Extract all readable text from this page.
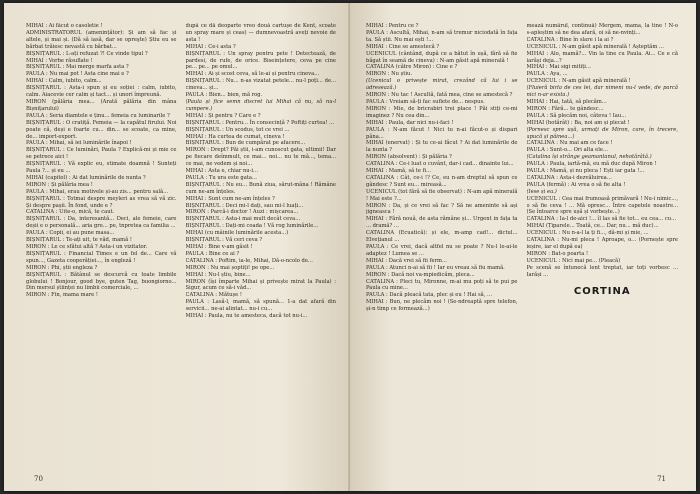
MIHAI : Ai făcut o casoletie !

ADMINISTRATORUL (amenințător): Și am să fac și altele, și mai și. (Dă să iasă, dar se opreşte) Știu eu se bărbat trăiesc nevastă cu bărbat...

BIȘNIȚARUL : L-ați refuzat ?! Ce vinde tipul ?

MIHAI : Vorbe răsuflate !

BIȘNIȚARUL : Mai merge marfa asta ?

PAULA : Nu mai pot ! Asta cine mai e ?

MIHAI : Calm, iubito, calm...

BIȘNIȚARUL : Asta-i spun și eu soției : calm, iubito, calm. Aiacevie cer calm și tact... și unori împreună.

MIRON (pălăria mea... (Arată pălăria din mâna Bișnițarului)

PAULA : Seria diamtele e ținu... femeia cu luminarile ?

BIȘNIȚARUL : O cratiță. Femeia — la capătul firului. Noi poate că, deși e foarte cu... din... se scoate, ca mine, de... import-export.

PAULA : Mihai, să iei luminările înapoi !

BIȘNIȚARUL : Ce luminări, Paula ? Explică-mi și mie ce se petrece aici !

BIȘNIȚARUL : Vă explic eu, stimate doamnă ! Sunteți Paula ?... și eu ...

MIHAI (capitol) : Ai dat luminările de nunta ?

MIRON : Și pălăria mea !

PAULA : Mihai, erau motivele și-au zis... pentru sală...

BIȘNIȚARUL : Totmai despre meyleri as vrea să vă zic. Și despre pașii. În fond, unde e ?

CATALINA : Uite-o, mică, te caut.

BIȘNIȚARUL : Da, interesantă... Deci, ale femeie, care deșii e o personală... aria gre... pe, tnpretea ca familia ...

PAULA : Copii, ei au pune masa...

BIȘNIȚARUL : Te-ați uit, te văd, mamă !

MIRON : Le ce sfătui altă ? Asta-i un vizitator.

BIȘNIȚARUL : Financial Times e un fel de... Care vă spun..., Gazeta cooperăției..., în engleză !

MIRON : Phi, știi engleza ?

BIȘNIȚARUL : Bătânul se descurcă cu toate limbile globului ! Bonjour, good bye, guten Tag, buongiorno... Din mersul științei nu limbii comerciale, ...

MIRON : Fin, mama mare !

după ce dă deoparte vreo două cartușe de Kent, scoate un spray mare și ceas) — dumnevoastră aveți nevoie de asta !

MIHAI : Ce-i asta ?

BIȘNIȚARUL : Un spray pentru pete ! Detectează, de pardesi, de rufe, de orice. Biseințetere, ceva pe cine pe... pe... pe omul...

MIHAI : Ai și scost ceva, să le-ai și pentru cineva...

BIȘNIȚARUL : Nu... n-as vizatat petele... nu-l poți... de... cineva... și...

PAULA : Bien... bien, mă rog.

(Paula și fice semn discret lui Mihai că nu, să nu-l cumpere.)

MIHAI : Și pentru ? Care e ?

BIȘNIȚARUL : Pentru... În consecință ? Poftiți curtea! ...

BIȘNIȚARUL : Un scodus, tot ce vrei ...

MIHAI : Ha curtea de cumat, cineva !

BIȘNIȚARUL : Bun de cumpărat pe afacere...

MIRON : Drept? Păi știi, i-am cunoscut gata, ultimii! Dar pe fiecare deîmmult, ce mai... noi... nu te mă..., tema... ce mai, ne vedem și noi...

MIHAI : Asta e, chiar nu-i...

PAULA : Tu ura este gata...

BIȘNIȚARUL : Nu eu... Bună ziua, sărut-mâna ! Rămâne cum ne-am înțeles.

MIHAI : Sunt cum ne-am înțeles ?

BIȘNIȚARUL : Deci mi-l dați, sau mi-l luați...

MIRON : Parcă-i doctor ! Auzi : mișcarea...

BIȘNIȚARUL : Asta-i mai mult decât ceva...

BIȘNIȚARUL : Dați-mi coada ! Vă rog luminările...

MIHAI (cu mâinile luminările acesta...)

BIȘNIȚARUL : Vă ceri ceva ?

MIHAI : Bine v-am găsit !

PAULA : Bine ce ai ?

CATALINA : Poftim, ia-le, Mihai, Dă-o-ncolo de...

MIRON : Nu mai șoptiți! pe ope...

MIHAI : Nu-l știu, bine...

MIRON (își împarte Mihai și privește mirat la Paula) : Sigur, acum ce să-i văd...

CATALINA : Mătușe !

PAULA : Lasă-l, mamă, să spună... 1-a dat afară din servicii... ne-ai alintat... nu-i cu...

MIHAI : Paula, nu te amesteca, dacă tot nu-i...

70

MIHAI : Pentru ce ?

PAULA : Ascultă, Mihai, n-am să tremur niciodată în fața ta. Să știi. Nu mai ești !...

MIHAI : Cine se amestecă ?

UCENICUL (cântând, după ce a bătut în ușă, fără să fie băgat în seamă de cineva) : N-am găsit apă minerală !

CATALINA (către Miron) : Cine e ?

MIRON : Nu știu.

(Ucenicul o privește mirat, crezând că lui i se adresează.)

MIRON : Nu tac ! Ascultă, fată mea, cine se amestecă ?

PAULA : Vreiam să-ți fac suflete de... nespus.

MIRON : Mie, de bricrabiri trei place ! Păi stiți ce-mi imaginez ? Nu cea din...

MIHAI : Paula, dar nici nu-i-faci !

PAULA : N-am făcut ! Nici tu n-ai făcut-o și dispari pâna...

MIHAI (enervat) : Și tu ce-ai făcut ? Ai dat luminările de la nunta ?

MIRON (absolvent) : Și pălăria ?

CATALINA : Ce-i luat o cuvânt, dar-i cad... dinainte lui...

MIHAI : Mamă, să te fi...

CATALINA : Cât, ce-i !? Ce, eu n-am dreptul să spun ce gândesc ? Sunt eu... mireasă...

UCENICUL (tot fără să fie observat) : N-am apă minerală ! Mai este ?...

MIRON : Da, și ce vrei să fac ? Să ne ameninte să ași jigneasca !

MIHAI : Fără nouă, de asta rămâne și... Urgent in fața ta ... dramă? ...

CATALINA (Ecuatică): și ele, m-amp cad!... dictul... Elvețianul ...

PAULA : Ce vrei, dacă altfel nu se poate ? Nu-l le-ai-le adaptez ! Lumea se ...

MIHAI : Dacă vrei să fii ferm...

PAULA : Atunci n-ai să fii ! Iar eu vreau să fiu mamă.

MIRON : Dacă noi va-mpiedicăm, pleca...

CATALINA : Pleci tu, Mironne, m-ai mu poți să te pui pe Paula cu mine...

PAULA : Dacă pleacă tata, plec și eu ! Hai să, ...

MIHAI : Bun, ne plecăm noi ! (Se-ndreaptă spre telefon, și-n timp ce formează...)

mează numărul, continuă) Mergem, mama, la tine ! N-o s-apleștim să ne dea afară, oi să ne-nvinți...

CATALINA : Bine în slare i la ai ?

UCENICUL : N-am găsit apă minerală ! Așteptăm ...

MIHAI : Alo, mamă?... Vin la tine cu Paula. Ai... Ce e că iarăși deja...?

MIHAI : Mai sigi mitiți...

PAULA : Aya, ...

UCENICUL : N-am găsit apă minerală !

(Fluieră birla de ces lei, dar nimeni nu-l vede, de parcă nici n-ar exista.)

MIHAI : Hai, tată, să plecăm...

MIRON : Fără... te gândesc...

PAULA : Să plecăm noi, câteva ! Iau...

MIHAI (hotărât) : Ba, noi am și plecat !

(Pornesc spre ușă, urmați de Miron, care, în trecere, apucă și pâinea...)

CATALINA : Nu mai am ce face !

PAULA : Sunt-o... Ori alta ele...

(Catalina își strânge geamantanul, nehotărâtă.)

PAULA : Paula, iartă-mă, eu mă duc după Miron !

PAULA : Mamă, și nu pleca ! Ești iar gata !...

CATALINA : Asta-i dezvăluirea...

PAULA (fermă) : Ai vrea o să fie alta !

(Iese și ea.)

UCENICUL : Cea mai frumoasă primăvară ! Nu-i nimic..., o să fie ceva ! ... Mă opresc... Între capetele noastre... (Se întoarce spre ușă și vorbește...)

CATALINA : Ia-l de-aici !... îl las să fie tot... eu cea... cu...

MIHAI (Țiparele... Toată, ce... Dar, nu... mă duc)...

UCENICUL : Nu n-a-l la ți fi..., dă-mi și mie, ...

CATALINA : Nu-mi pleca ! Aproape, o... (Pornește spre ieșire, iar el după ea)

MIRON : Bat-o poarta !

UCENICUL : Nici mai pe... (Pleacă)

Pe scenă se întunecă lent treptat, iar toți vorbesc ... Iarăși ...

CORTINA
71
